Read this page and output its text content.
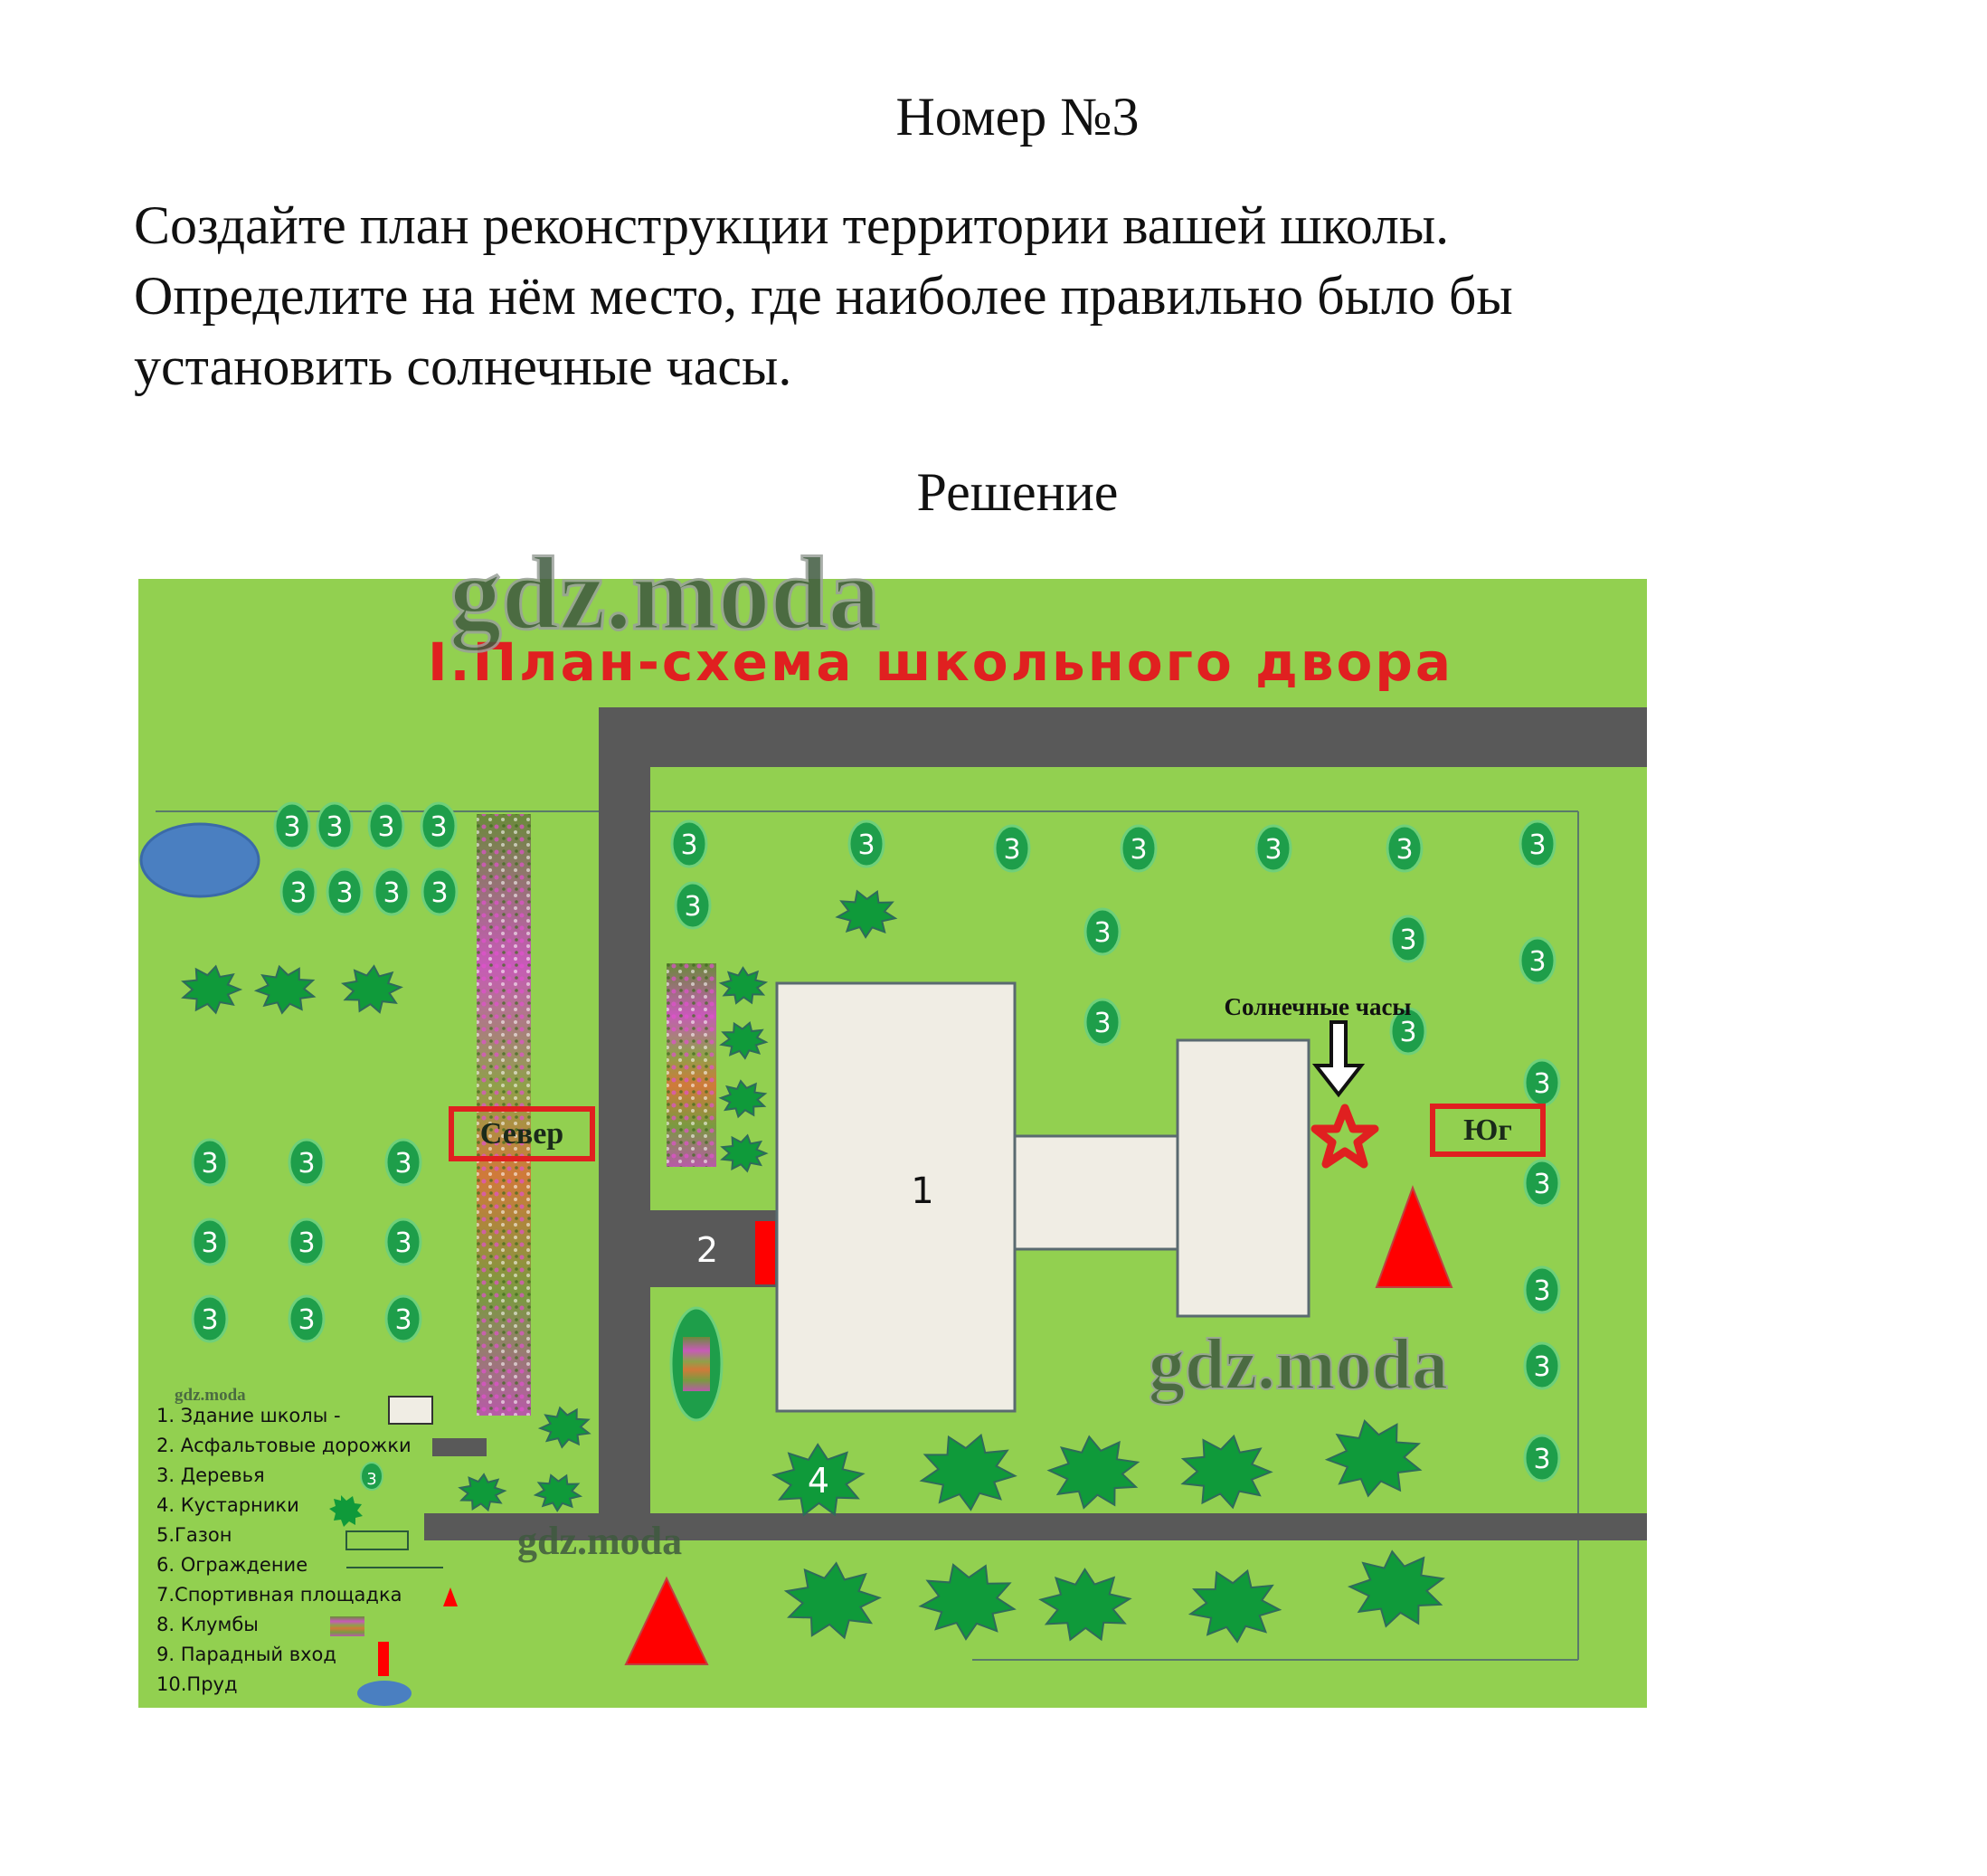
Номер №3
Создайте план реконструкции территории вашей школы.
Определите на нём место, где наиболее правильно было бы
установить солнечные часы.
Решение
2
1
3 3 3 3
3 3 3 3
3	3	3
3	3	3
3	3	3
3	3	3	3	3	3	3
3
3	3
3
3	3
3
3
3
3
3
4
Солнечные часы
Север	Юг
I.План-схема школьного двора
gdz.moda
gdz.moda
gdz.moda
gdz.moda
1. Здание школы -
2. Асфальтовые дорожки
3. Деревья
4. Кустарники
5.Газон
6. Ограждение
7.Спортивная площадка
8. Клумбы
9. Парадный вход
10.Пруд
3
